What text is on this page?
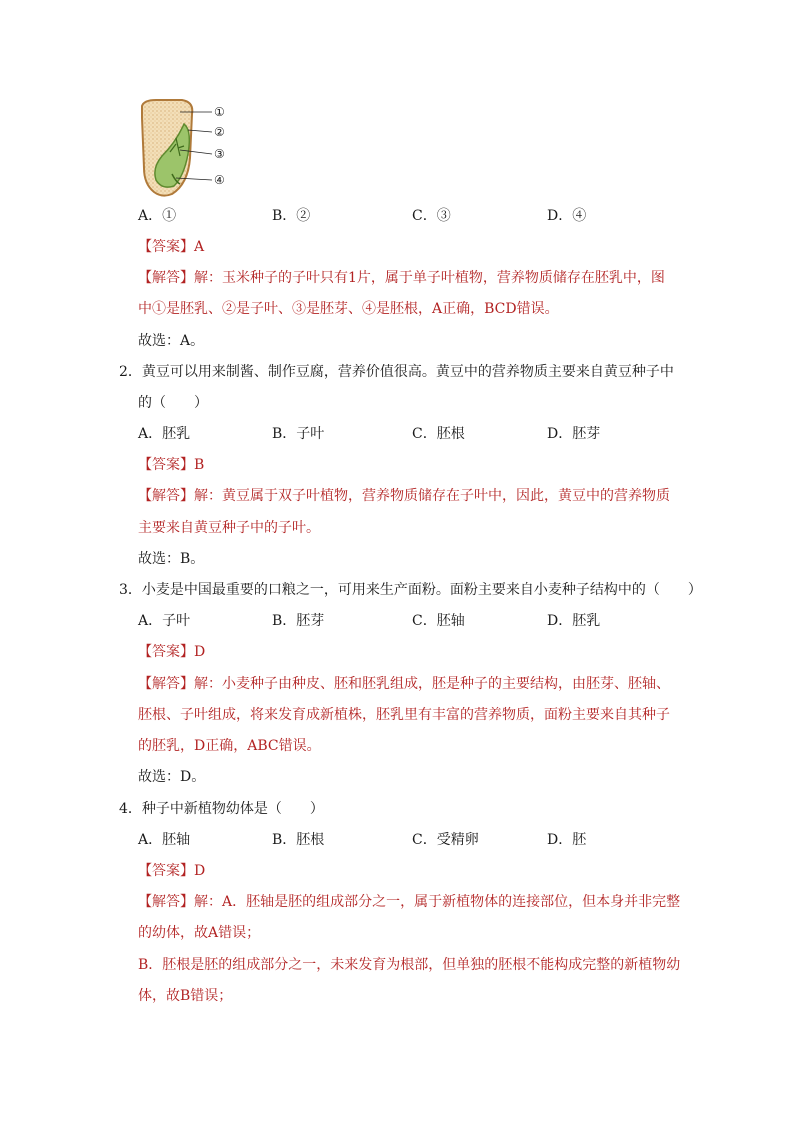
①
②
③
④
A．①	B．②	C．③	D．④
【答案】A
【解答】解：玉米种子的子叶只有1片，属于单子叶植物，营养物质储存在胚乳中，图
中①是胚乳、②是子叶、③是胚芽、④是胚根，A正确，BCD错误。
故选：A。
2．黄豆可以用来制酱、制作豆腐，营养价值很高。黄豆中的营养物质主要来自黄豆种子中
的（　　）
A．胚乳	B．子叶	C．胚根	D．胚芽
【答案】B
【解答】解：黄豆属于双子叶植物，营养物质储存在子叶中，因此，黄豆中的营养物质
主要来自黄豆种子中的子叶。
故选：B。
3．小麦是中国最重要的口粮之一，可用来生产面粉。面粉主要来自小麦种子结构中的（　　）
A．子叶	B．胚芽	C．胚轴	D．胚乳
【答案】D
【解答】解：小麦种子由种皮、胚和胚乳组成，胚是种子的主要结构，由胚芽、胚轴、
胚根、子叶组成，将来发育成新植株，胚乳里有丰富的营养物质，面粉主要来自其种子
的胚乳，D正确，ABC错误。
故选：D。
4．种子中新植物幼体是（　　）
A．胚轴	B．胚根	C．受精卵	D．胚
【答案】D
【解答】解：A．胚轴是胚的组成部分之一，属于新植物体的连接部位，但本身并非完整
的幼体，故A错误；
B．胚根是胚的组成部分之一，未来发育为根部，但单独的胚根不能构成完整的新植物幼
体，故B错误；
